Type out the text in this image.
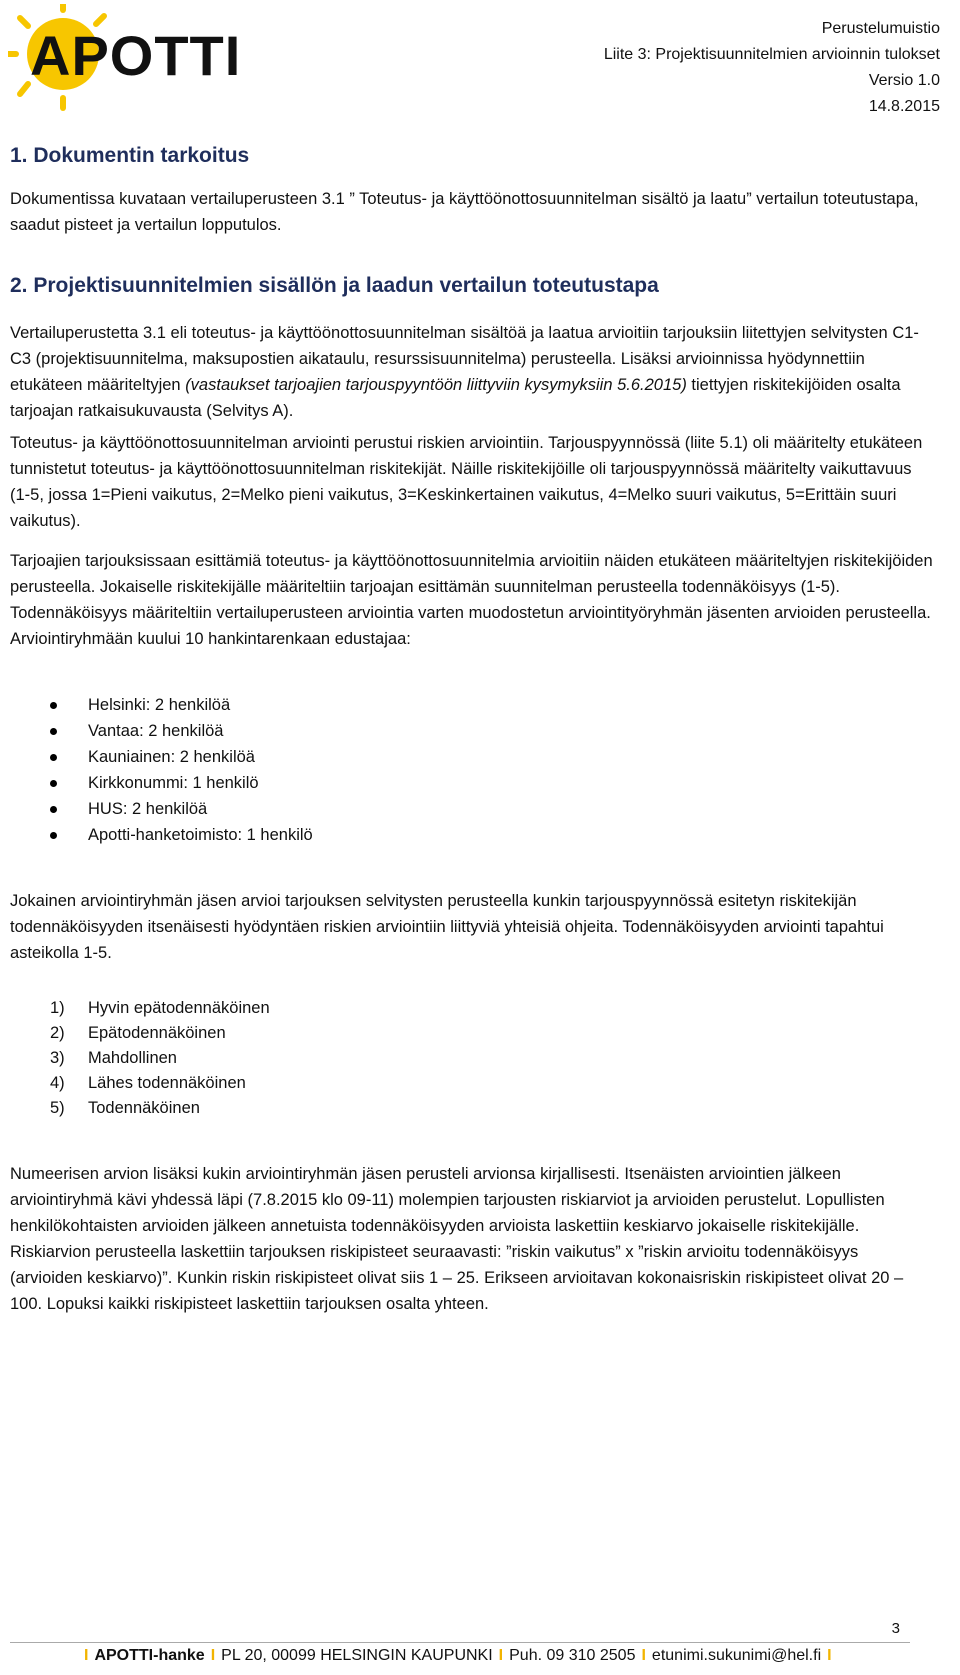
APOTTI	Perustelumuistio
Liite 3: Projektisuunnitelmien arvioinnin tulokset
Versio 1.0
14.8.2015
1. Dokumentin tarkoitus

Dokumentissa kuvataan vertailuperusteen 3.1 ” Toteutus- ja käyttöönottosuunnitelman sisältö ja laatu” vertailun toteutustapa, saadut pisteet ja vertailun lopputulos.

2. Projektisuunnitelmien sisällön ja laadun vertailun toteutustapa

Vertailuperustetta 3.1 eli toteutus- ja käyttöönottosuunnitelman sisältöä ja laatua arvioitiin tarjouksiin liitettyjen selvitysten C1-C3 (projektisuunnitelma, maksupostien aikataulu, resurssisuunnitelma) perusteella. Lisäksi arvioinnissa hyödynnettiin etukäteen määriteltyjen (vastaukset tarjoajien tarjouspyyntöön liittyviin kysymyksiin 5.6.2015) tiettyjen riskitekijöiden osalta tarjoajan ratkaisukuvausta (Selvitys A).

Toteutus- ja käyttöönottosuunnitelman arviointi perustui riskien arviointiin. Tarjouspyynnössä (liite 5.1) oli määritelty etukäteen tunnistetut toteutus- ja käyttöönottosuunnitelman riskitekijät. Näille riskitekijöille oli tarjouspyynnössä määritelty vaikuttavuus (1-5, jossa 1=Pieni vaikutus, 2=Melko pieni vaikutus, 3=Keskinkertainen vaikutus, 4=Melko suuri vaikutus, 5=Erittäin suuri vaikutus).

Tarjoajien tarjouksissaan esittämiä toteutus- ja käyttöönottosuunnitelmia arvioitiin näiden etukäteen määriteltyjen riskitekijöiden perusteella. Jokaiselle riskitekijälle määriteltiin tarjoajan esittämän suunnitelman perusteella todennäköisyys (1-5). Todennäköisyys määriteltiin vertailuperusteen arviointia varten muodostetun arviointityöryhmän jäsenten arvioiden perusteella. Arviointiryhmään kuului 10 hankintarenkaan edustajaa:

Helsinki: 2 henkilöä
Vantaa: 2 henkilöä
Kauniainen: 2 henkilöä
Kirkkonummi: 1 henkilö
HUS: 2 henkilöä
Apotti-hanketoimisto: 1 henkilö

Jokainen arviointiryhmän jäsen arvioi tarjouksen selvitysten perusteella kunkin tarjouspyynnössä esitetyn riskitekijän todennäköisyyden itsenäisesti hyödyntäen riskien arviointiin liittyviä yhteisiä ohjeita. Todennäköisyyden arviointi tapahtui asteikolla 1-5.

1) Hyvin epätodennäköinen
2) Epätodennäköinen
3) Mahdollinen
4) Lähes todennäköinen
5) Todennäköinen

Numeerisen arvion lisäksi kukin arviointiryhmän jäsen perusteli arvionsa kirjallisesti. Itsenäisten arviointien jälkeen arviointiryhmä kävi yhdessä läpi (7.8.2015 klo 09-11) molempien tarjousten riskiarviot ja arvioiden perustelut. Lopullisten henkilökohtaisten arvioiden jälkeen annetuista todennäköisyyden arvioista laskettiin keskiarvo jokaiselle riskitekijälle. Riskiarvion perusteella laskettiin tarjouksen riskipisteet seuraavasti: ”riskin vaikutus” x ”riskin arvioitu todennäköisyys (arvioiden keskiarvo)”. Kunkin riskin riskipisteet olivat siis 1 – 25. Erikseen arvioitavan kokonaisriskin riskipisteet olivat 20 – 100. Lopuksi kaikki riskipisteet laskettiin tarjouksen osalta yhteen.

3
I APOTTI-hanke I PL 20, 00099 HELSINGIN KAUPUNKI I Puh. 09 310 2505 I etunimi.sukunimi@hel.fi I
